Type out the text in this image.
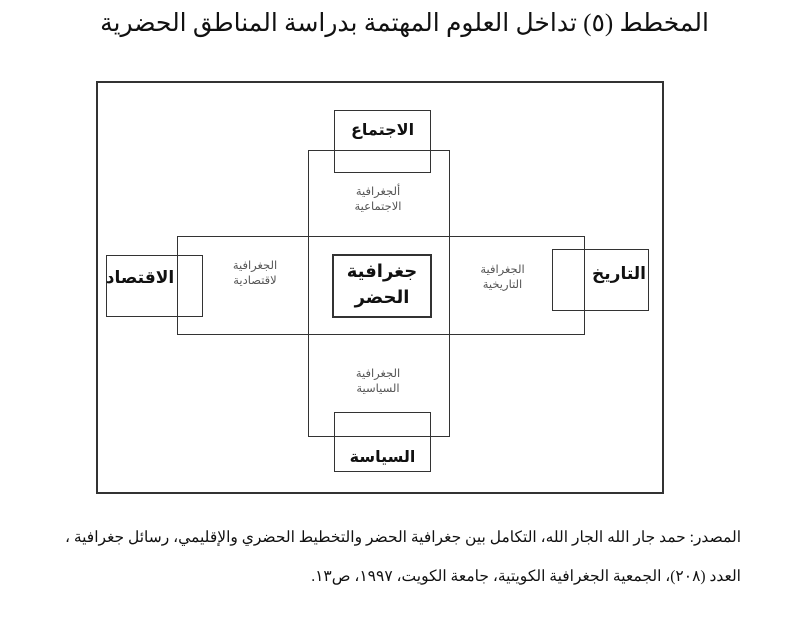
المخطط (٥) تداخل العلوم المهتمة بدراسة المناطق الحضرية
الاجتماع
السياسة
الاقتصاد	التاريخ
جغرافية
الحضر
ألجغرافية
الاجتماعية
الجغرافية
السياسية
الجغرافية
لاقتصادية
الجغرافية
التاريخية
المصدر: حمد جار الله الجار الله، التكامل بين جغرافية الحضر والتخطيط الحضري والإقليمي، رسائل جغرافية ،
العدد (٢٠٨)، الجمعية الجغرافية الكويتية، جامعة الكويت، ١٩٩٧، ص١٣.
